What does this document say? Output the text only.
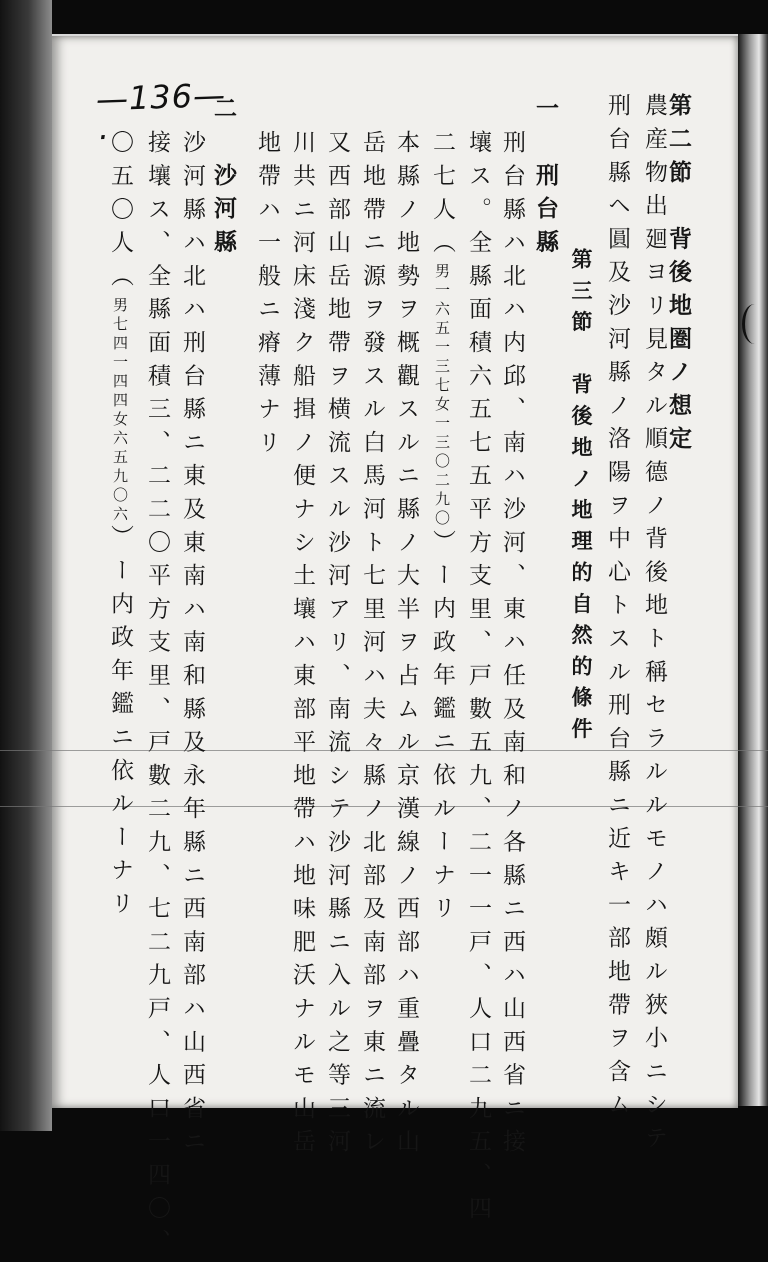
—136—·	第二節　背後地圏ノ想定
農産物出廻ヨリ見タル順德ノ背後地ト稱セラルルモノハ頗ル狹小ニシテ
刑台縣ヘ圓及沙河縣ノ洛陽ヲ中心トスル刑台縣ニ近キ一部地帶ヲ含ム
第三節　背後地ノ地理的自然的條件
一　刑台縣
刑台縣ハ北ハ内邱、南ハ沙河、東ハ任及南和ノ各縣ニ西ハ山西省ニ接
壤ス。全縣面積六五七五平方支里、戸數五九、二一一戸、人口二九五、四
二七人（男一六五一三七女一三〇二九〇）ー内政年鑑ニ依ルーナリ
本縣ノ地勢ヲ概觀スルニ縣ノ大半ヲ占ムル京漢線ノ西部ハ重疊タル山
岳地帶ニ源ヲ發スル白馬河ト七里河ハ夫々縣ノ北部及南部ヲ東ニ流レ
又西部山岳地帶ヲ横流スル沙河アリ、南流シテ沙河縣ニ入ル之等三河
川共ニ河床淺ク船揖ノ便ナシ土壤ハ東部平地帶ハ地味肥沃ナルモ山岳
地帶ハ一般ニ瘠薄ナリ
二　沙河縣
沙河縣ハ北ハ刑台縣ニ東及東南ハ南和縣及永年縣ニ西南部ハ山西省ニ
接壤ス、全縣面積三、二二〇平方支里、戸數二九、七二九戸、人口一四〇、
〇五〇人（男七四一四四女六五九〇六）ー内政年鑑ニ依ルーナリ
